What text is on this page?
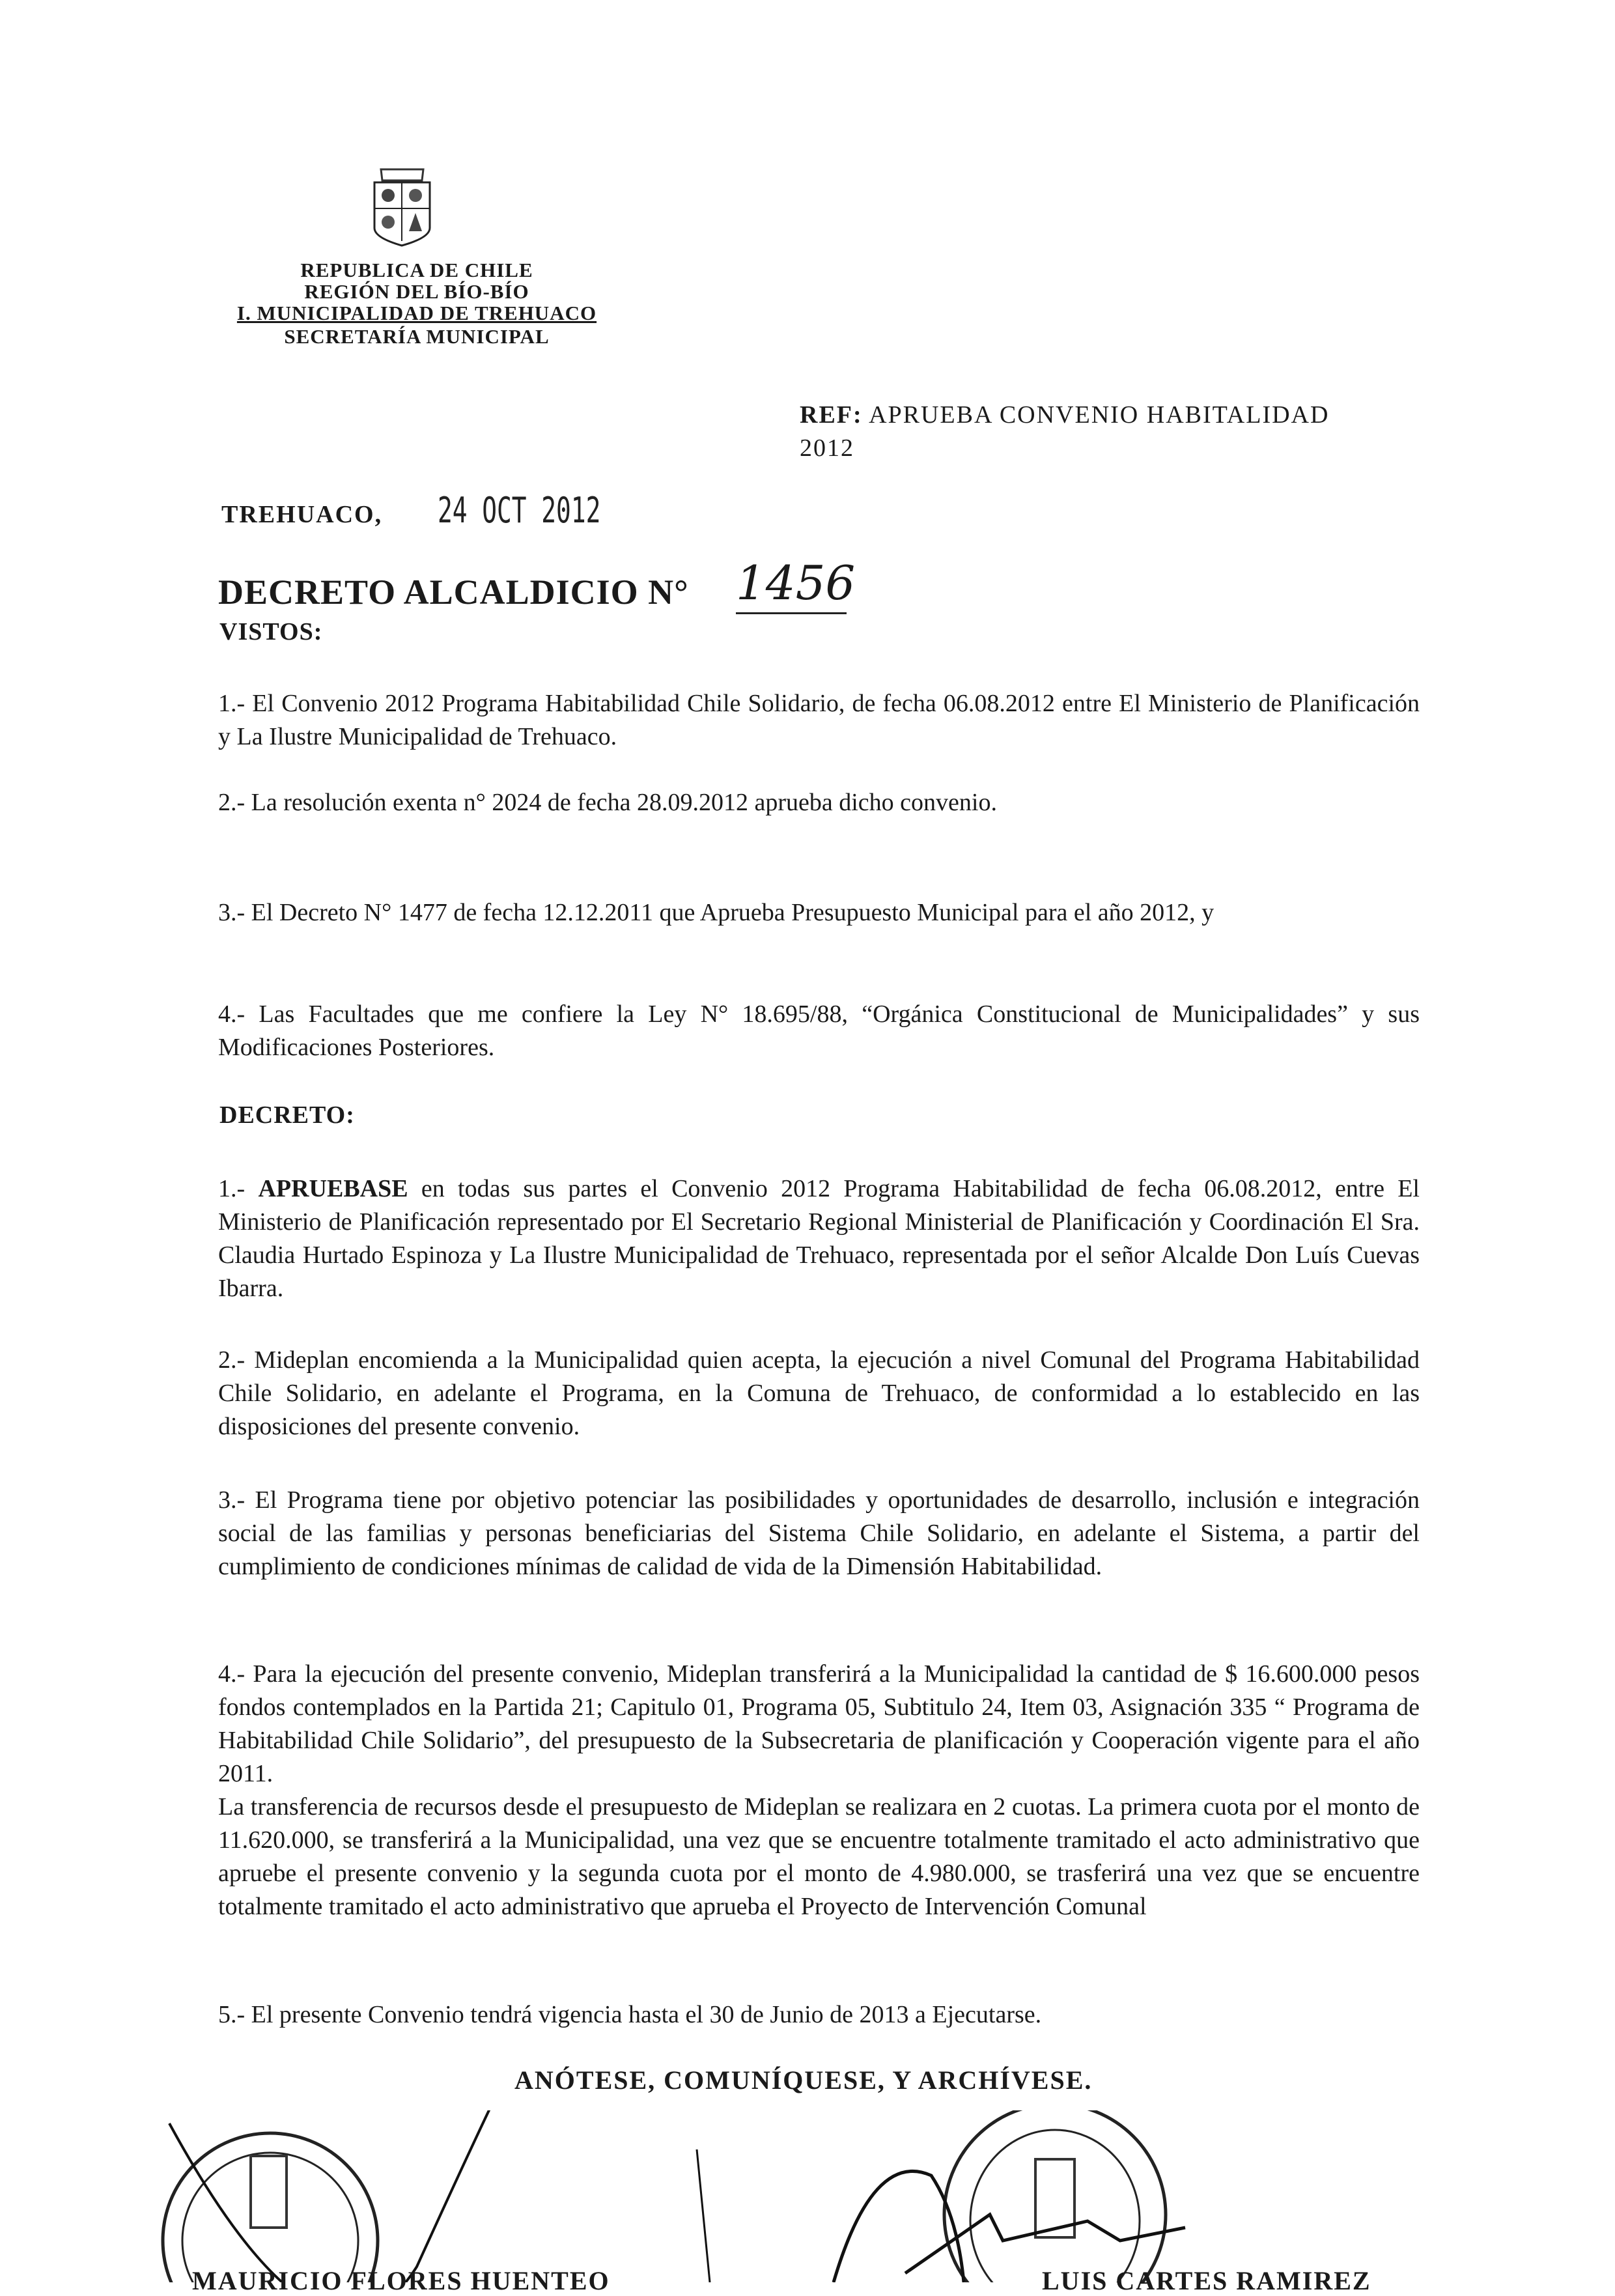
REPUBLICA DE CHILE
REGIÓN DEL BÍO-BÍO
I. MUNICIPALIDAD DE TREHUACO
SECRETARÍA MUNICIPAL
REF: APRUEBA CONVENIO HABITALIDAD
2012
TREHUACO, 24 OCT 2012
DECRETO ALCALDICIO N° 1456
VISTOS:
1.- El Convenio 2012 Programa Habitabilidad Chile Solidario, de fecha 06.08.2012 entre El Ministerio de Planificación y La Ilustre Municipalidad de Trehuaco.
2.- La resolución exenta n° 2024 de fecha 28.09.2012 aprueba dicho convenio.
3.- El Decreto N° 1477 de fecha 12.12.2011 que Aprueba Presupuesto Municipal para el año 2012, y
4.- Las Facultades que me confiere la Ley N° 18.695/88, “Orgánica Constitucional de Municipalidades” y sus Modificaciones Posteriores.
DECRETO:
1.- APRUEBASE en todas sus partes el Convenio 2012 Programa Habitabilidad de fecha 06.08.2012, entre El Ministerio de Planificación representado por El Secretario Regional Ministerial de Planificación y Coordinación El Sra. Claudia Hurtado Espinoza y La Ilustre Municipalidad de Trehuaco, representada por el señor Alcalde Don Luís Cuevas Ibarra.
2.- Mideplan encomienda a la Municipalidad quien acepta, la ejecución a nivel Comunal del Programa Habitabilidad Chile Solidario, en adelante el Programa, en la Comuna de Trehuaco, de conformidad a lo establecido en las disposiciones del presente convenio.
3.- El Programa tiene por objetivo potenciar las posibilidades y oportunidades de desarrollo, inclusión e integración social de las familias y personas beneficiarias del Sistema Chile Solidario, en adelante el Sistema, a partir del cumplimiento de condiciones mínimas de calidad de vida de la Dimensión Habitabilidad.
4.- Para la ejecución del presente convenio, Mideplan transferirá a la Municipalidad la cantidad de $ 16.600.000 pesos fondos contemplados en la Partida 21; Capitulo 01, Programa 05, Subtitulo 24, Item 03, Asignación 335 “ Programa de Habitabilidad Chile Solidario”, del presupuesto de la Subsecretaria de planificación y Cooperación vigente para el año 2011.
La transferencia de recursos desde el presupuesto de Mideplan se realizara en 2 cuotas. La primera cuota por el monto de 11.620.000, se transferirá a la Municipalidad, una vez que se encuentre totalmente tramitado el acto administrativo que apruebe el presente convenio y la segunda cuota por el monto de 4.980.000, se trasferirá una vez que se encuentre totalmente tramitado el acto administrativo que aprueba el Proyecto de Intervención Comunal
5.- El presente Convenio tendrá vigencia hasta el 30 de Junio de 2013 a Ejecutarse.
ANÓTESE, COMUNÍQUESE, Y ARCHÍVESE.
MAURICIO FLORES HUENTEO	LUIS CARTES RAMIREZ
